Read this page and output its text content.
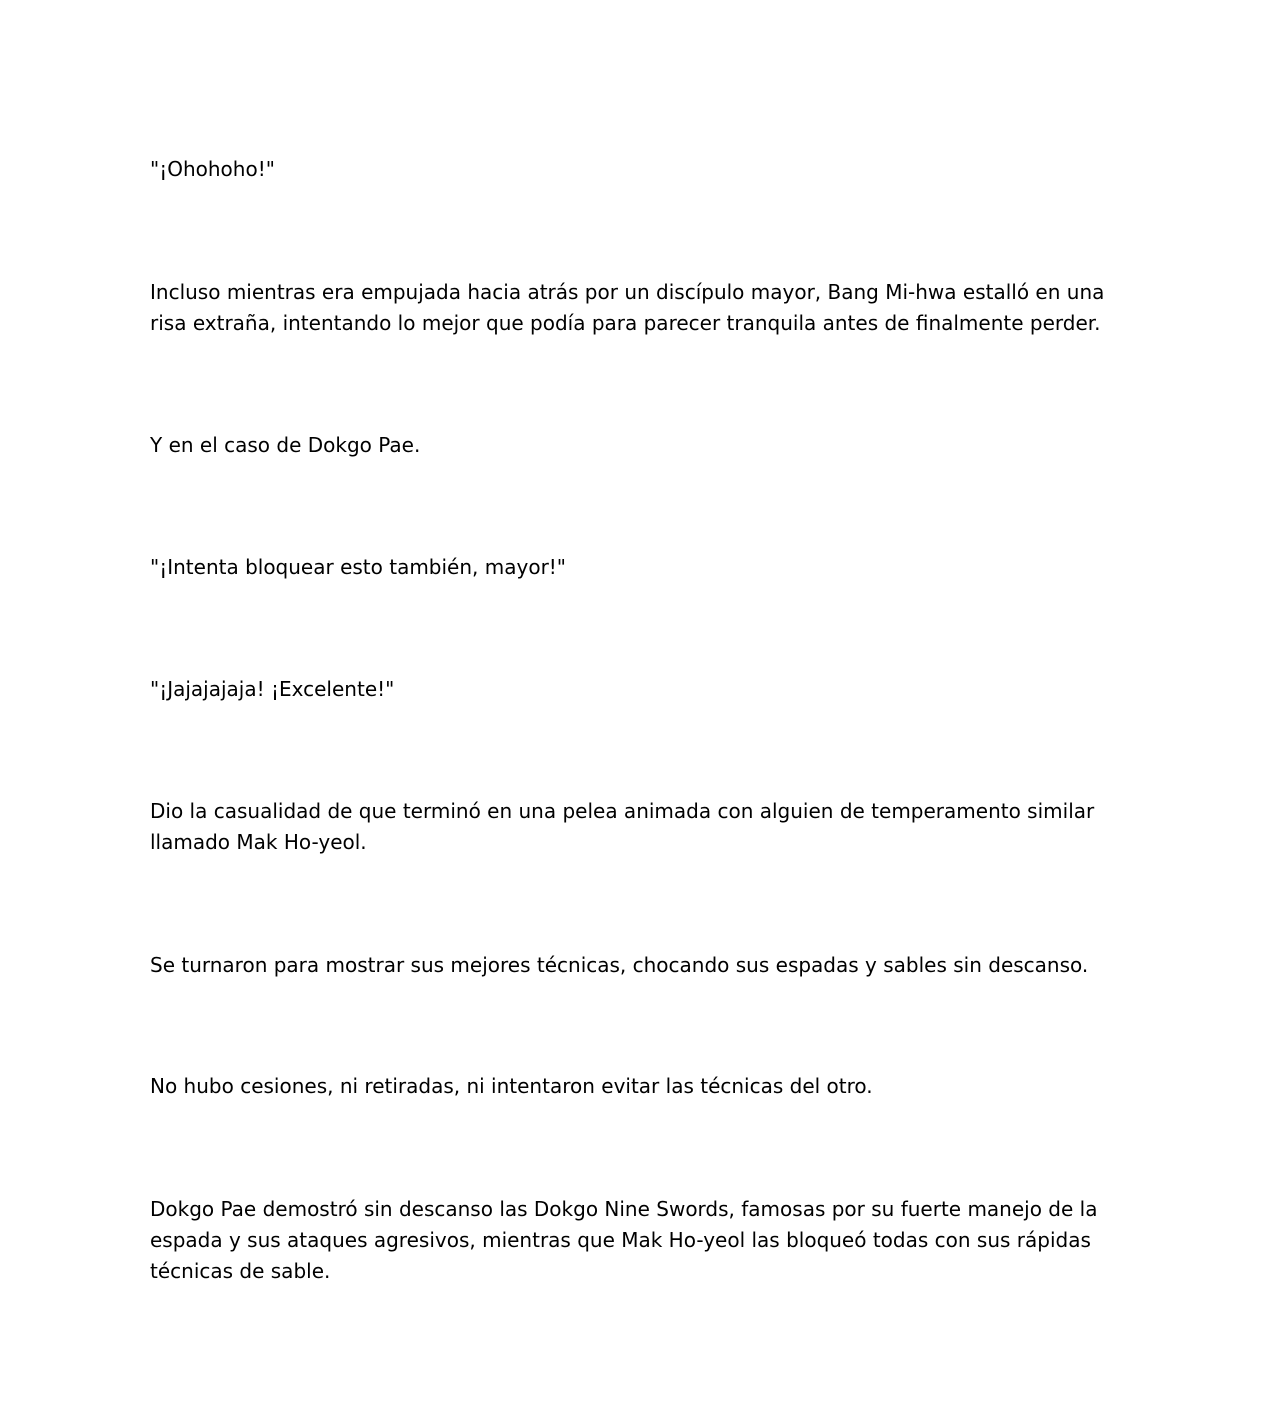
"¡Ohohoho!"

Incluso mientras era empujada hacia atrás por un discípulo mayor, Bang Mi-hwa estalló en una
risa extraña, intentando lo mejor que podía para parecer tranquila antes de finalmente perder.

Y en el caso de Dokgo Pae.

"¡Intenta bloquear esto también, mayor!"

"¡Jajajajaja! ¡Excelente!"

Dio la casualidad de que terminó en una pelea animada con alguien de temperamento similar
llamado Mak Ho-yeol.

Se turnaron para mostrar sus mejores técnicas, chocando sus espadas y sables sin descanso.

No hubo cesiones, ni retiradas, ni intentaron evitar las técnicas del otro.

Dokgo Pae demostró sin descanso las Dokgo Nine Swords, famosas por su fuerte manejo de la
espada y sus ataques agresivos, mientras que Mak Ho-yeol las bloqueó todas con sus rápidas
técnicas de sable.
